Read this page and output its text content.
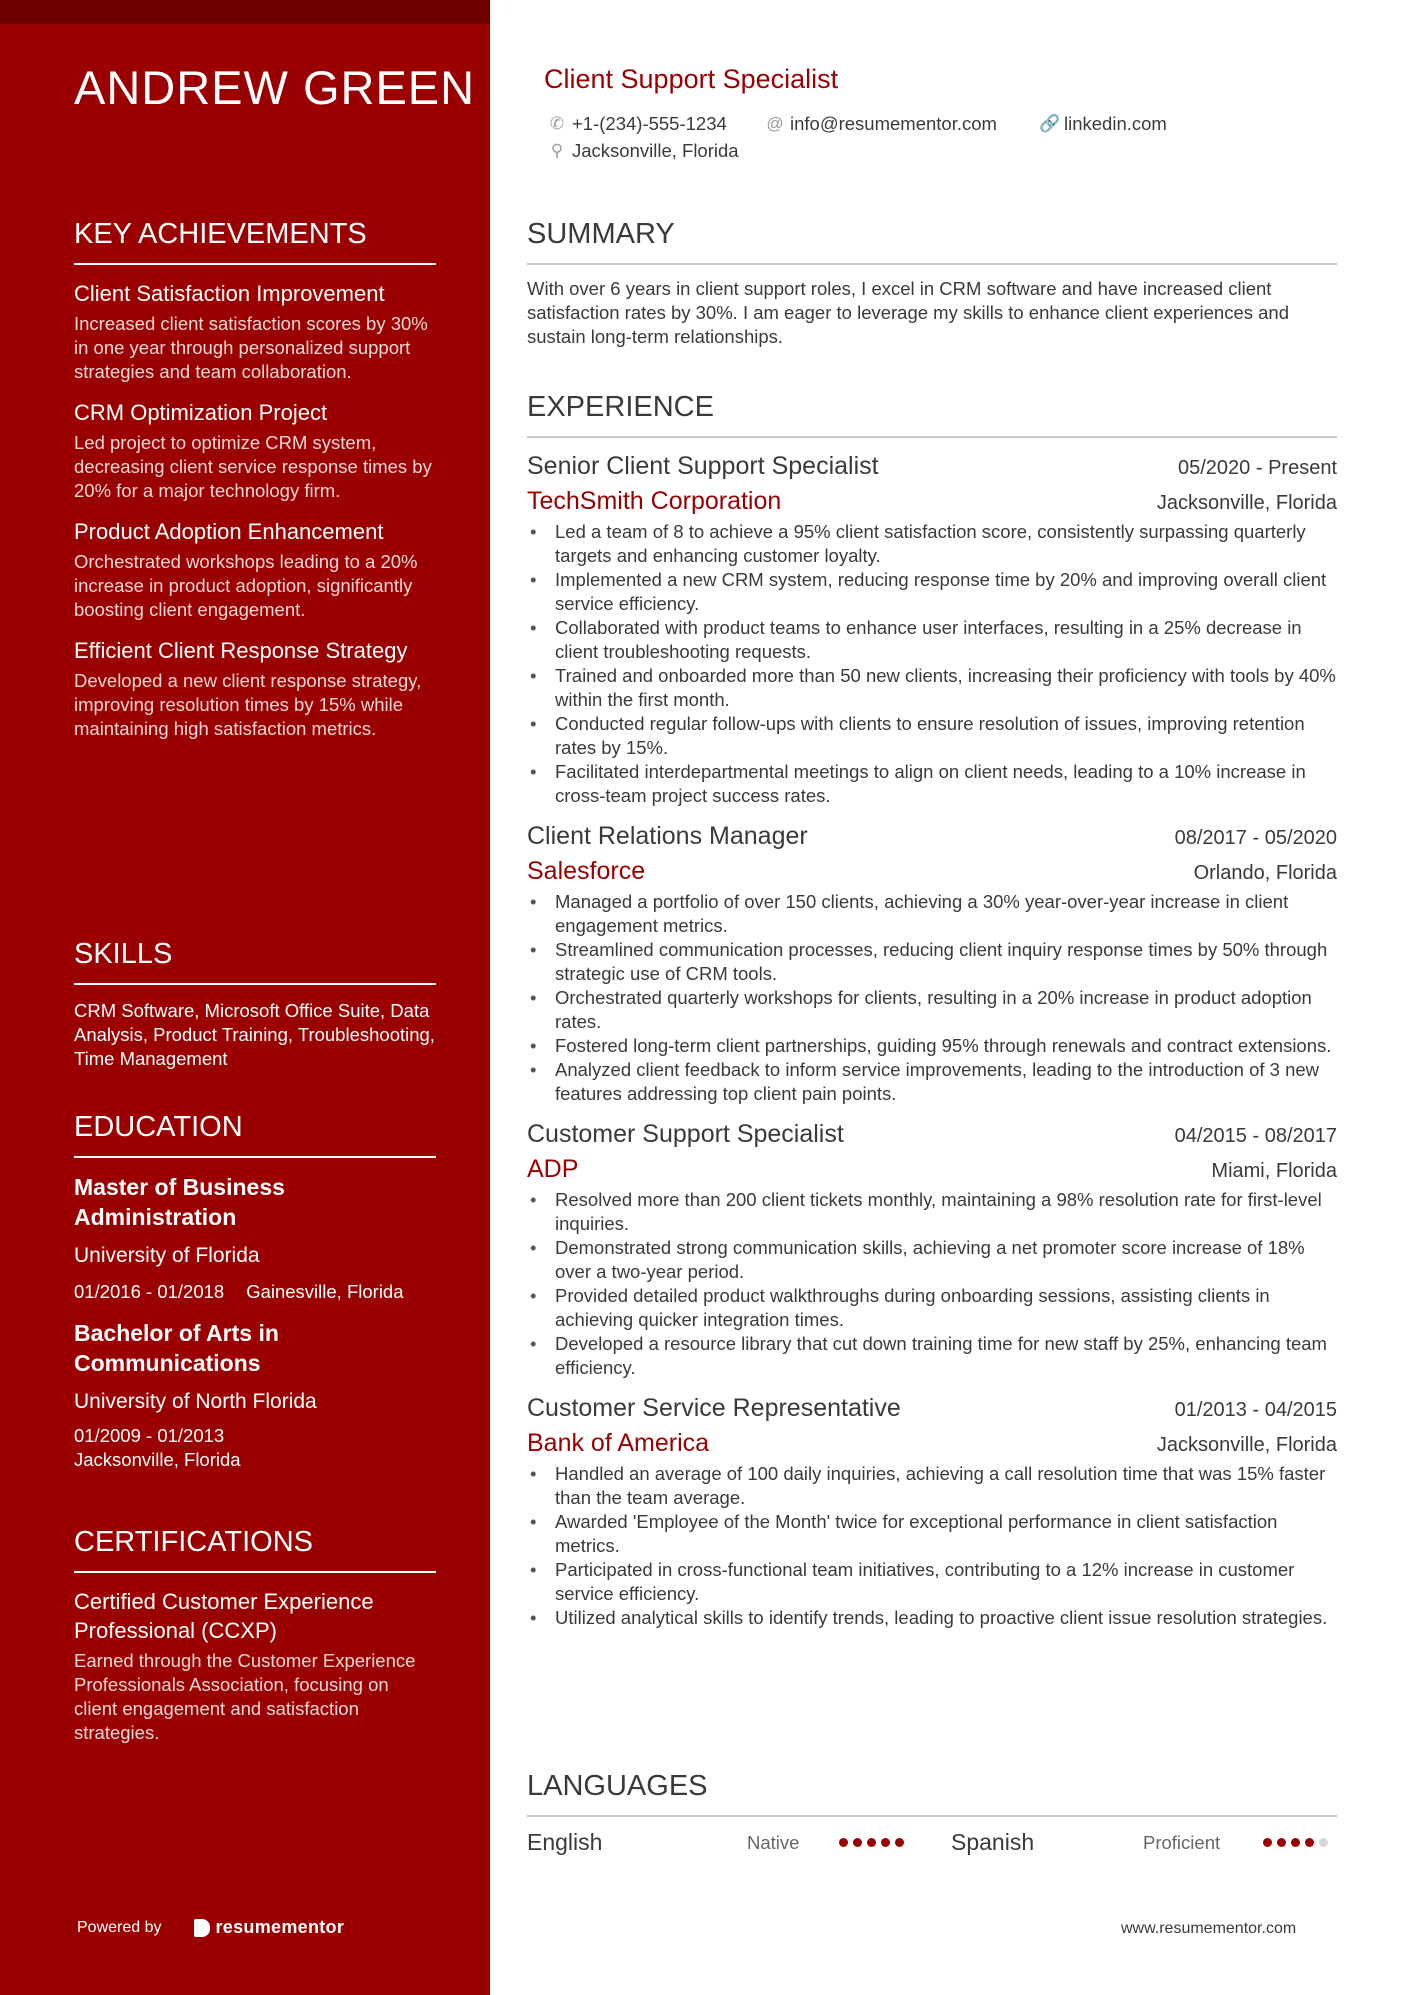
ANDREW GREEN
KEY ACHIEVEMENTS
Client Satisfaction Improvement
Increased client satisfaction scores by 30% in one year through personalized support strategies and team collaboration.
CRM Optimization Project
Led project to optimize CRM system, decreasing client service response times by 20% for a major technology firm.
Product Adoption Enhancement
Orchestrated workshops leading to a 20% increase in product adoption, significantly boosting client engagement.
Efficient Client Response Strategy
Developed a new client response strategy, improving resolution times by 15% while maintaining high satisfaction metrics.
SKILLS
CRM Software, Microsoft Office Suite, Data Analysis, Product Training, Troubleshooting, Time Management
EDUCATION
Master of Business Administration
University of Florida
01/2016 - 01/2018 Gainesville, Florida
Bachelor of Arts in Communications
University of North Florida
01/2009 - 01/2013
Jacksonville, Florida
CERTIFICATIONS
Certified Customer Experience Professional (CCXP)
Earned through the Customer Experience Professionals Association, focusing on client engagement and satisfaction strategies.
Powered by	resumementor
Client Support Specialist
✆ +1-(234)-555-1234 @ info@resumementor.com 🔗 linkedin.com
⚲ Jacksonville, Florida
SUMMARY
With over 6 years in client support roles, I excel in CRM software and have increased client satisfaction rates by 30%. I am eager to leverage my skills to enhance client experiences and sustain long-term relationships.
EXPERIENCE
Senior Client Support Specialist	05/2020 - Present
TechSmith Corporation	Jacksonville, Florida
• Led a team of 8 to achieve a 95% client satisfaction score, consistently surpassing quarterly targets and enhancing customer loyalty.
• Implemented a new CRM system, reducing response time by 20% and improving overall client service efficiency.
• Collaborated with product teams to enhance user interfaces, resulting in a 25% decrease in client troubleshooting requests.
• Trained and onboarded more than 50 new clients, increasing their proficiency with tools by 40% within the first month.
• Conducted regular follow-ups with clients to ensure resolution of issues, improving retention rates by 15%.
• Facilitated interdepartmental meetings to align on client needs, leading to a 10% increase in cross-team project success rates.
Client Relations Manager	08/2017 - 05/2020
Salesforce	Orlando, Florida
• Managed a portfolio of over 150 clients, achieving a 30% year-over-year increase in client engagement metrics.
• Streamlined communication processes, reducing client inquiry response times by 50% through strategic use of CRM tools.
• Orchestrated quarterly workshops for clients, resulting in a 20% increase in product adoption rates.
• Fostered long-term client partnerships, guiding 95% through renewals and contract extensions.
• Analyzed client feedback to inform service improvements, leading to the introduction of 3 new features addressing top client pain points.
Customer Support Specialist	04/2015 - 08/2017
ADP	Miami, Florida
• Resolved more than 200 client tickets monthly, maintaining a 98% resolution rate for first-level inquiries.
• Demonstrated strong communication skills, achieving a net promoter score increase of 18% over a two-year period.
• Provided detailed product walkthroughs during onboarding sessions, assisting clients in achieving quicker integration times.
• Developed a resource library that cut down training time for new staff by 25%, enhancing team efficiency.
Customer Service Representative	01/2013 - 04/2015
Bank of America	Jacksonville, Florida
• Handled an average of 100 daily inquiries, achieving a call resolution time that was 15% faster than the team average.
• Awarded 'Employee of the Month' twice for exceptional performance in client satisfaction metrics.
• Participated in cross-functional team initiatives, contributing to a 12% increase in customer service efficiency.
• Utilized analytical skills to identify trends, leading to proactive client issue resolution strategies.
LANGUAGES
English	Native	Spanish	Proficient
www.resumementor.com
